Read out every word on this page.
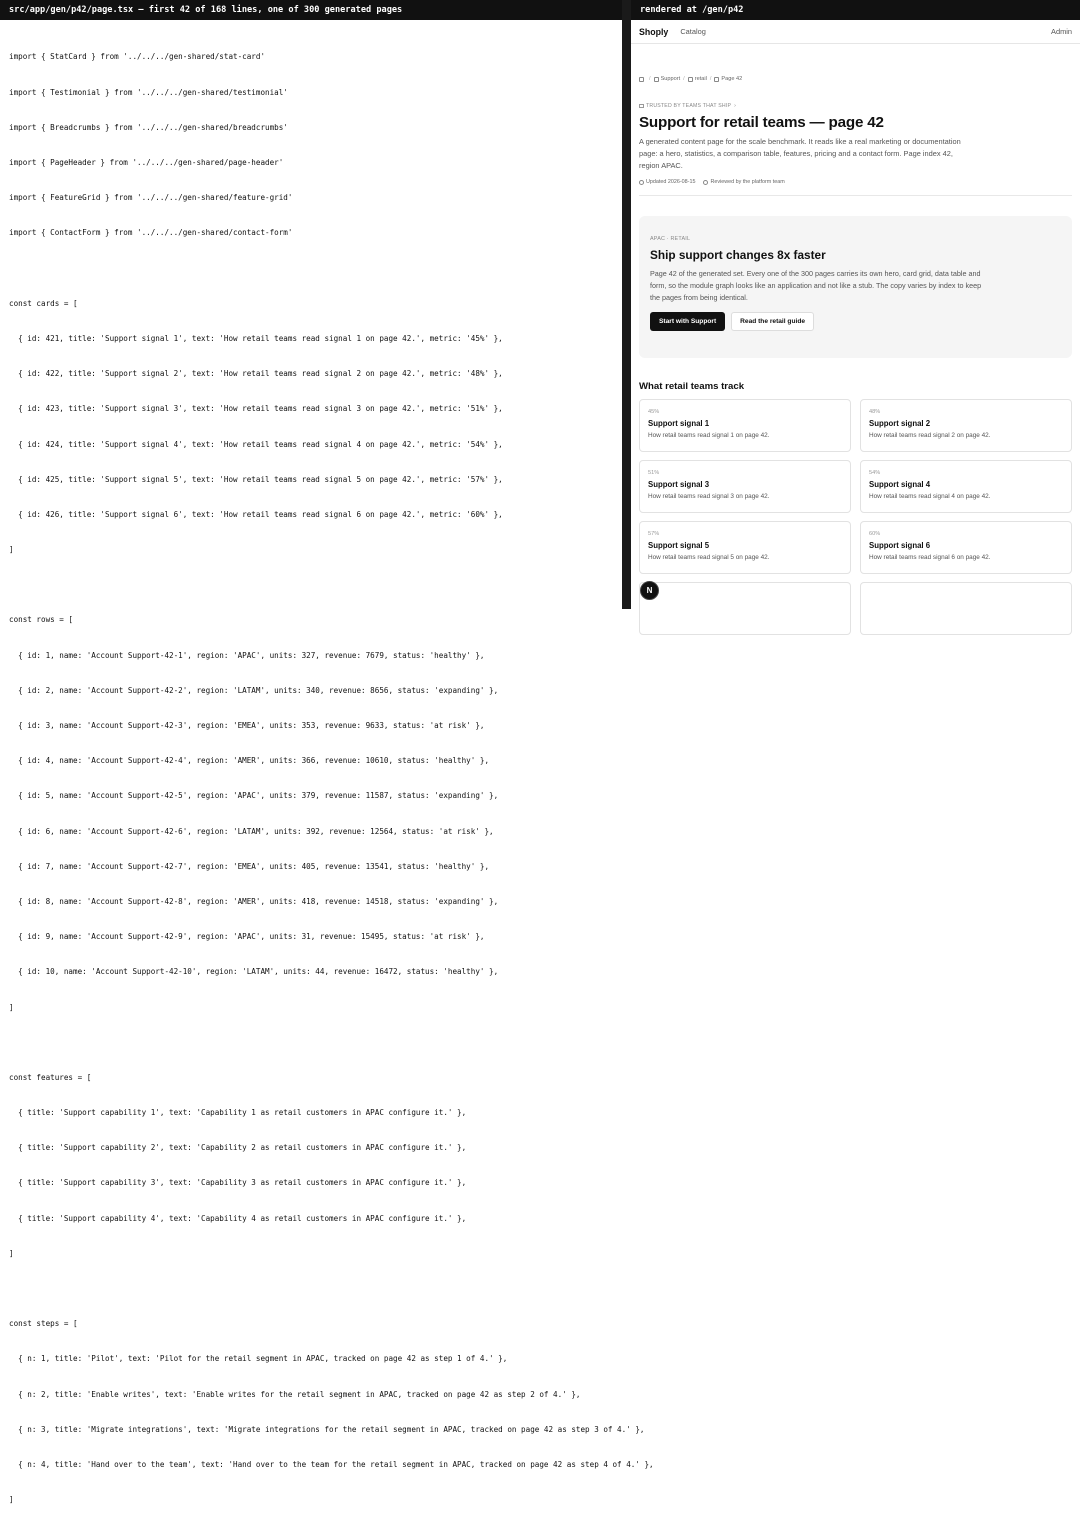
src/app/gen/p42/page.tsx — first 42 of 168 lines, one of 300 generated pages

import { StatCard } from '../../../gen-shared/stat-card'

import { Testimonial } from '../../../gen-shared/testimonial'

import { Breadcrumbs } from '../../../gen-shared/breadcrumbs'

import { PageHeader } from '../../../gen-shared/page-header'

import { FeatureGrid } from '../../../gen-shared/feature-grid'

import { ContactForm } from '../../../gen-shared/contact-form'

const cards = [

{ id: 421, title: 'Support signal 1', text: 'How retail teams read signal 1 on page 42.', metric: '45%' },

{ id: 422, title: 'Support signal 2', text: 'How retail teams read signal 2 on page 42.', metric: '48%' },

{ id: 423, title: 'Support signal 3', text: 'How retail teams read signal 3 on page 42.', metric: '51%' },

{ id: 424, title: 'Support signal 4', text: 'How retail teams read signal 4 on page 42.', metric: '54%' },

{ id: 425, title: 'Support signal 5', text: 'How retail teams read signal 5 on page 42.', metric: '57%' },

{ id: 426, title: 'Support signal 6', text: 'How retail teams read signal 6 on page 42.', metric: '60%' },

]

const rows = [

{ id: 1, name: 'Account Support-42-1', region: 'APAC', units: 327, revenue: 7679, status: 'healthy' },

{ id: 2, name: 'Account Support-42-2', region: 'LATAM', units: 340, revenue: 8656, status: 'expanding' },

{ id: 3, name: 'Account Support-42-3', region: 'EMEA', units: 353, revenue: 9633, status: 'at risk' },

{ id: 4, name: 'Account Support-42-4', region: 'AMER', units: 366, revenue: 10610, status: 'healthy' },

{ id: 5, name: 'Account Support-42-5', region: 'APAC', units: 379, revenue: 11587, status: 'expanding' },

{ id: 6, name: 'Account Support-42-6', region: 'LATAM', units: 392, revenue: 12564, status: 'at risk' },

{ id: 7, name: 'Account Support-42-7', region: 'EMEA', units: 405, revenue: 13541, status: 'healthy' },

{ id: 8, name: 'Account Support-42-8', region: 'AMER', units: 418, revenue: 14518, status: 'expanding' },

{ id: 9, name: 'Account Support-42-9', region: 'APAC', units: 31, revenue: 15495, status: 'at risk' },

{ id: 10, name: 'Account Support-42-10', region: 'LATAM', units: 44, revenue: 16472, status: 'healthy' },

]

const features = [

{ title: 'Support capability 1', text: 'Capability 1 as retail customers in APAC configure it.' },

{ title: 'Support capability 2', text: 'Capability 2 as retail customers in APAC configure it.' },

{ title: 'Support capability 3', text: 'Capability 3 as retail customers in APAC configure it.' },

{ title: 'Support capability 4', text: 'Capability 4 as retail customers in APAC configure it.' },

]

const steps = [

{ n: 1, title: 'Pilot', text: 'Pilot for the retail segment in APAC, tracked on page 42 as step 1 of 4.' },

{ n: 2, title: 'Enable writes', text: 'Enable writes for the retail segment in APAC, tracked on page 42 as step 2 of 4.' },

{ n: 3, title: 'Migrate integrations', text: 'Migrate integrations for the retail segment in APAC, tracked on page 42 as step 3 of 4.' },

{ n: 4, title: 'Hand over to the team', text: 'Hand over to the team for the retail segment in APAC, tracked on page 42 as step 4 of 4.' },

]

rendered at /gen/p42
Shoply Catalog	Admin
/ Support / retail / Page 42
TRUSTED BY TEAMS THAT SHIP ›
Support for retail teams — page 42

A generated content page for the scale benchmark. It reads like a real marketing or documentation page: a hero, statistics, a comparison table, features, pricing and a contact form. Page index 42, region APAC.

Updated 2026-08-15	Reviewed by the platform team
APAC · RETAIL
Ship support changes 8x faster
Page 42 of the generated set. Every one of the 300 pages carries its own hero, card grid, data table and form, so the module graph looks like an application and not like a stub. The copy varies by index to keep the pages from being identical.
Start with Support	Read the retail guide
What retail teams track
45%
Support signal 1
How retail teams read signal 1 on page 42.
48%
Support signal 2
How retail teams read signal 2 on page 42.
51%
Support signal 3
How retail teams read signal 3 on page 42.
54%
Support signal 4
How retail teams read signal 4 on page 42.
57%
Support signal 5
How retail teams read signal 5 on page 42.
60%
Support signal 6
How retail teams read signal 6 on page 42.
N
